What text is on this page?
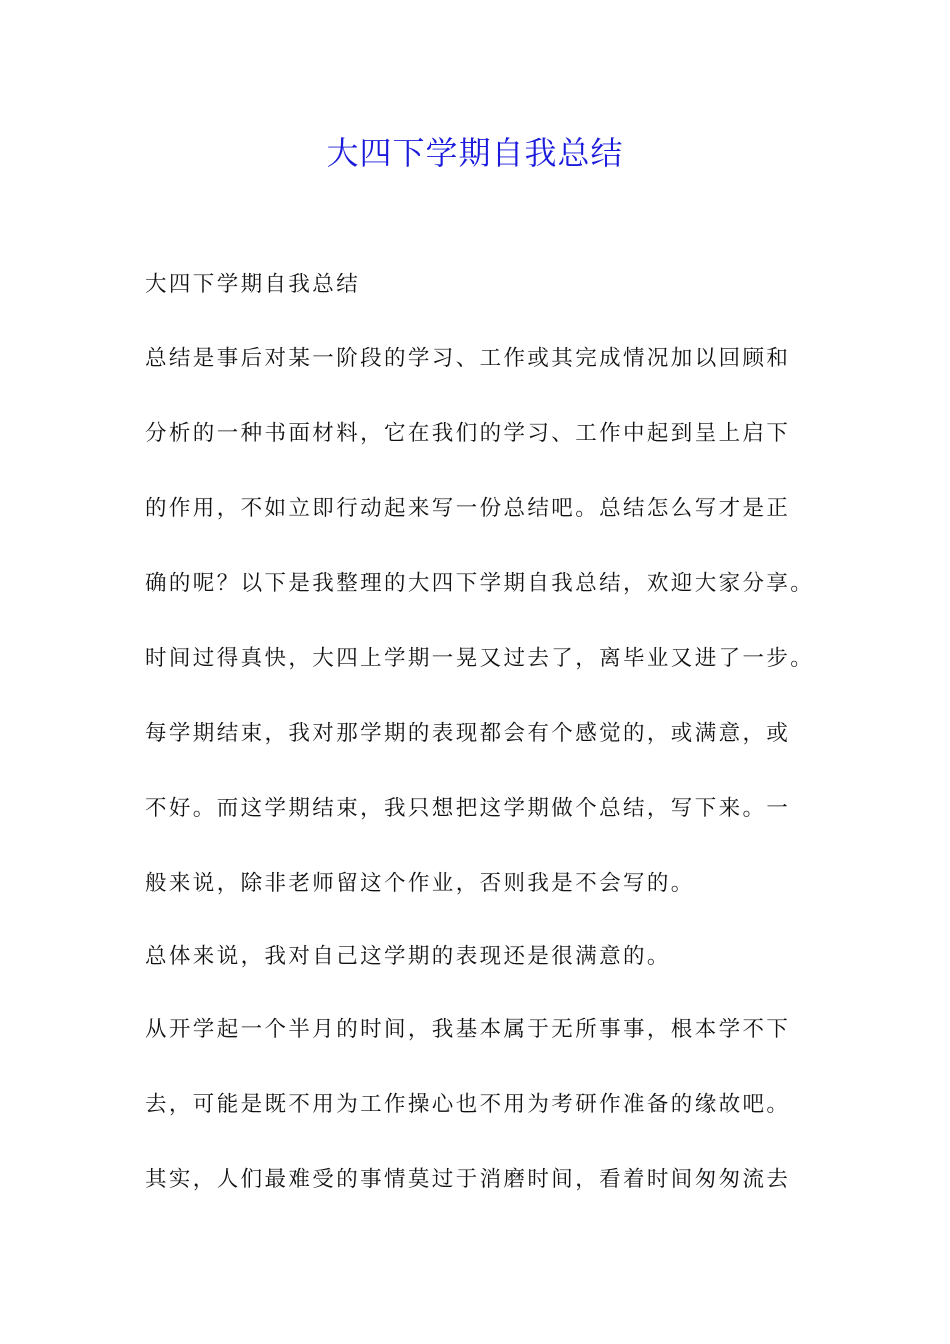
大四下学期自我总结
大四下学期自我总结
总结是事后对某一阶段的学习、工作或其完成情况加以回顾和
分析的一种书面材料，它在我们的学习、工作中起到呈上启下
的作用，不如立即行动起来写一份总结吧。总结怎么写才是正
确的呢？以下是我整理的大四下学期自我总结，欢迎大家分享。
时间过得真快，大四上学期一晃又过去了，离毕业又进了一步。
每学期结束，我对那学期的表现都会有个感觉的，或满意，或
不好。而这学期结束，我只想把这学期做个总结，写下来。一
般来说，除非老师留这个作业，否则我是不会写的。
总体来说，我对自己这学期的表现还是很满意的。
从开学起一个半月的时间，我基本属于无所事事，根本学不下
去，可能是既不用为工作操心也不用为考研作准备的缘故吧。
其实，人们最难受的事情莫过于消磨时间，看着时间匆匆流去
